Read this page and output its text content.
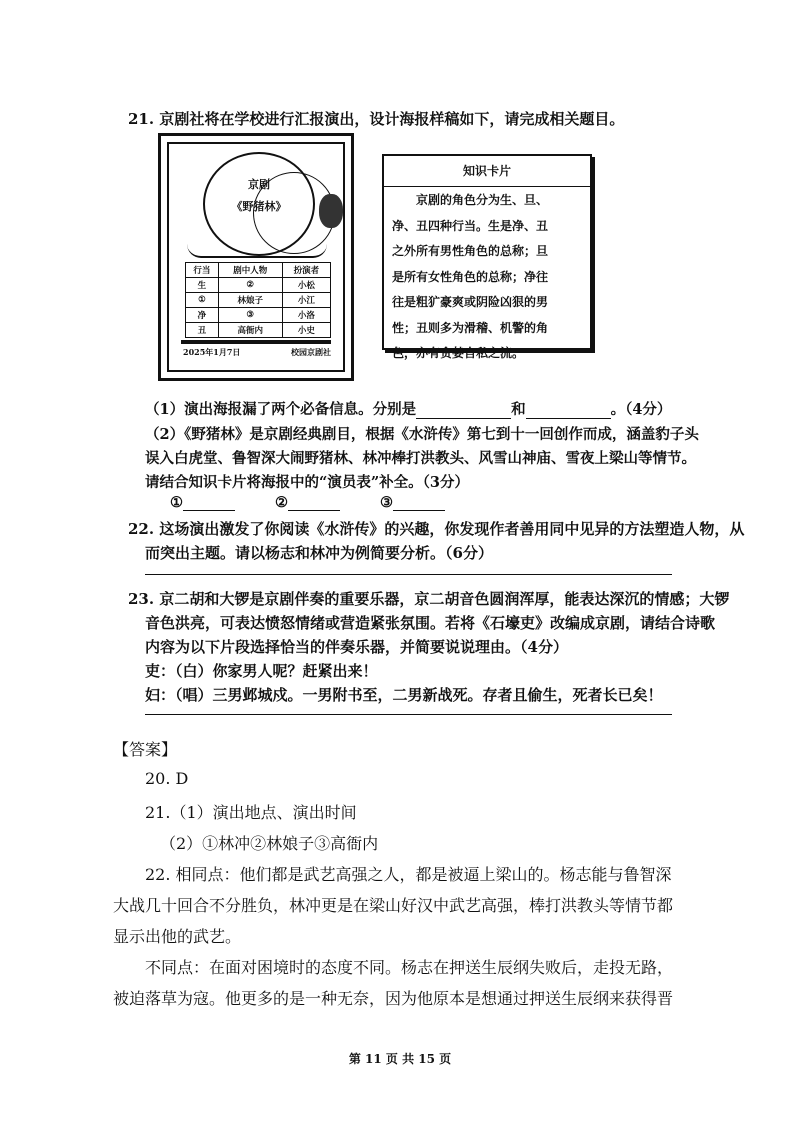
21. 京剧社将在学校进行汇报演出，设计海报样稿如下，请完成相关题目。
京剧
《野猪林》
行当	剧中人物	扮演者
生	②	小松
①	林娘子	小江
净	③	小洛
丑	高衙内	小史
2025年1月7日	校园京剧社
知识卡片
京剧的角色分为生、旦、
净、丑四种行当。生是净、丑
之外所有男性角色的总称；旦
是所有女性角色的总称；净往
往是粗犷豪爽或阴险凶狠的男
性；丑则多为滑稽、机警的角
色，亦有贪婪自私之流。
（1）演出海报漏了两个必备信息。分别是	和	。（4分）
（2）《野猪林》是京剧经典剧目，根据《水浒传》第七到十一回创作而成，涵盖豹子头
误入白虎堂、鲁智深大闹野猪林、林冲棒打洪教头、风雪山神庙、雪夜上梁山等情节。
请结合知识卡片将海报中的“演员表”补全。（3分）
①	②	③
22. 这场演出激发了你阅读《水浒传》的兴趣，你发现作者善用同中见异的方法塑造人物，从
而突出主题。请以杨志和林冲为例简要分析。（6分）
23. 京二胡和大锣是京剧伴奏的重要乐器，京二胡音色圆润浑厚，能表达深沉的情感；大锣
音色洪亮，可表达愤怒情绪或营造紧张氛围。若将《石壕吏》改编成京剧，请结合诗歌
内容为以下片段选择恰当的伴奏乐器，并简要说说理由。（4分）
吏：（白）你家男人呢？赶紧出来！
妇：（唱）三男邺城戍。一男附书至，二男新战死。存者且偷生，死者长已矣！
【答案】
20. D
21.（1）演出地点、演出时间
（2）①林冲②林娘子③高衙内
22. 相同点：他们都是武艺高强之人，都是被逼上梁山的。杨志能与鲁智深
大战几十回合不分胜负，林冲更是在梁山好汉中武艺高强，棒打洪教头等情节都
显示出他的武艺。
不同点：在面对困境时的态度不同。杨志在押送生辰纲失败后，走投无路，
被迫落草为寇。他更多的是一种无奈，因为他原本是想通过押送生辰纲来获得晋
第 11 页 共 15 页
